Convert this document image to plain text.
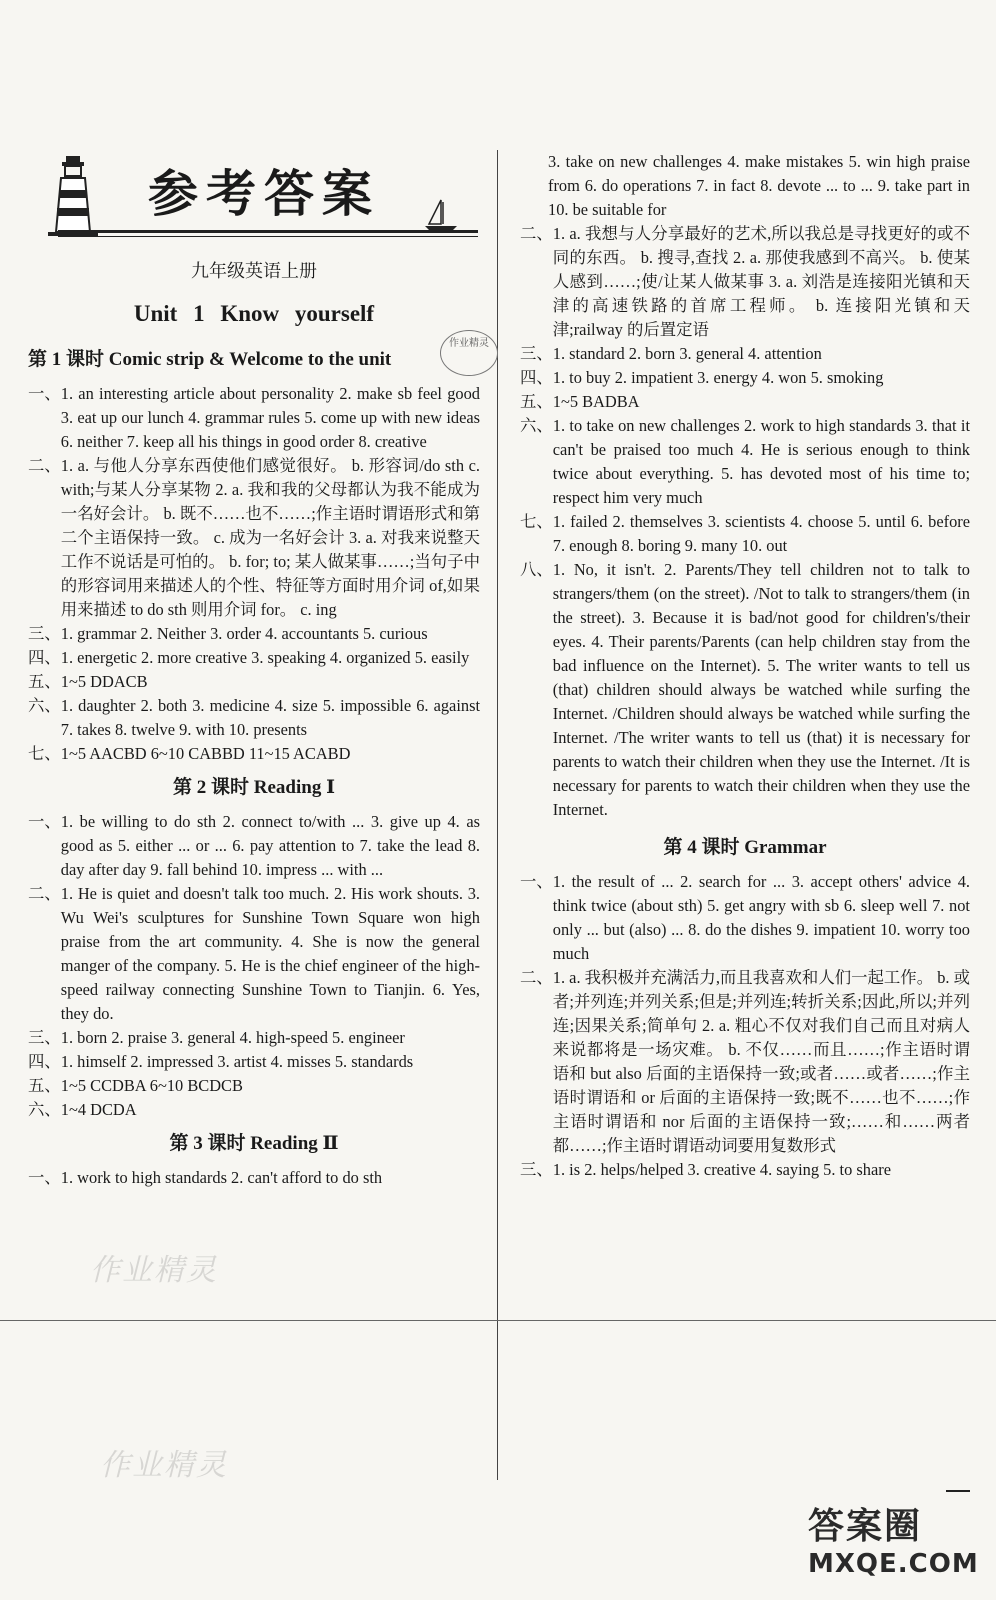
参考答案
九年级英语上册
Unit 1 Know yourself
第 1 课时 Comic strip & Welcome to the unit
一、 1. an interesting article about personality 2. make sb feel good 3. eat up our lunch 4. grammar rules 5. come up with new ideas 6. neither 7. keep all his things in good order 8. creative
二、 1. a. 与他人分享东西使他们感觉很好。 b. 形容词/do sth c. with;与某人分享某物 2. a. 我和我的父母都认为我不能成为一名好会计。 b. 既不……也不……;作主语时谓语形式和第二个主语保持一致。 c. 成为一名好会计 3. a. 对我来说整天工作不说话是可怕的。 b. for; to; 某人做某事……;当句子中的形容词用来描述人的个性、特征等方面时用介词 of,如果用来描述 to do sth 则用介词 for。 c. ing
三、 1. grammar 2. Neither 3. order 4. accountants 5. curious
四、 1. energetic 2. more creative 3. speaking 4. organized 5. easily
五、 1~5 DDACB
六、 1. daughter 2. both 3. medicine 4. size 5. impossible 6. against 7. takes 8. twelve 9. with 10. presents
七、 1~5 AACBD 6~10 CABBD 11~15 ACABD
第 2 课时 Reading Ⅰ
一、 1. be willing to do sth 2. connect to/with ... 3. give up 4. as good as 5. either ... or ... 6. pay attention to 7. take the lead 8. day after day 9. fall behind 10. impress ... with ...
二、 1. He is quiet and doesn't talk too much. 2. His work shouts. 3. Wu Wei's sculptures for Sunshine Town Square won high praise from the art community. 4. She is now the general manger of the company. 5. He is the chief engineer of the high-speed railway connecting Sunshine Town to Tianjin. 6. Yes, they do.
三、 1. born 2. praise 3. general 4. high-speed 5. engineer
四、 1. himself 2. impressed 3. artist 4. misses 5. standards
五、 1~5 CCDBA 6~10 BCDCB
六、 1~4 DCDA
第 3 课时 Reading Ⅱ
一、 1. work to high standards 2. can't afford to do sth
作业精灵
作业精灵
作业精灵
3. take on new challenges 4. make mistakes 5. win high praise from 6. do operations 7. in fact 8. devote ... to ... 9. take part in 10. be suitable for
二、 1. a. 我想与人分享最好的艺术,所以我总是寻找更好的或不同的东西。 b. 搜寻,查找 2. a. 那使我感到不高兴。 b. 使某人感到……;使/让某人做某事 3. a. 刘浩是连接阳光镇和天津的高速铁路的首席工程师。 b. 连接阳光镇和天津;railway 的后置定语
三、 1. standard 2. born 3. general 4. attention
四、 1. to buy 2. impatient 3. energy 4. won 5. smoking
五、 1~5 BADBA
六、 1. to take on new challenges 2. work to high standards 3. that it can't be praised too much 4. He is serious enough to think twice about everything. 5. has devoted most of his time to; respect him very much
七、 1. failed 2. themselves 3. scientists 4. choose 5. until 6. before 7. enough 8. boring 9. many 10. out
八、 1. No, it isn't. 2. Parents/They tell children not to talk to strangers/them (on the street). /Not to talk to strangers/them (in the street). 3. Because it is bad/not good for children's/their eyes. 4. Their parents/Parents (can help children stay from the bad influence on the Internet). 5. The writer wants to tell us (that) children should always be watched while surfing the Internet. /Children should always be watched while surfing the Internet. /The writer wants to tell us (that) it is necessary for parents to watch their children when they use the Internet. /It is necessary for parents to watch their children when they use the Internet.
第 4 课时 Grammar
一、 1. the result of ... 2. search for ... 3. accept others' advice 4. think twice (about sth) 5. get angry with sb 6. sleep well 7. not only ... but (also) ... 8. do the dishes 9. impatient 10. worry too much
二、 1. a. 我积极并充满活力,而且我喜欢和人们一起工作。 b. 或者;并列连;并列关系;但是;并列连;转折关系;因此,所以;并列连;因果关系;简单句 2. a. 粗心不仅对我们自己而且对病人来说都将是一场灾难。 b. 不仅……而且……;作主语时谓语和 but also 后面的主语保持一致;或者……或者……;作主语时谓语和 or 后面的主语保持一致;既不……也不……;作主语时谓语和 nor 后面的主语保持一致;……和……两者都……;作主语时谓语动词要用复数形式
三、 1. is 2. helps/helped 3. creative 4. saying 5. to share
答案圈
MXQE.COM
